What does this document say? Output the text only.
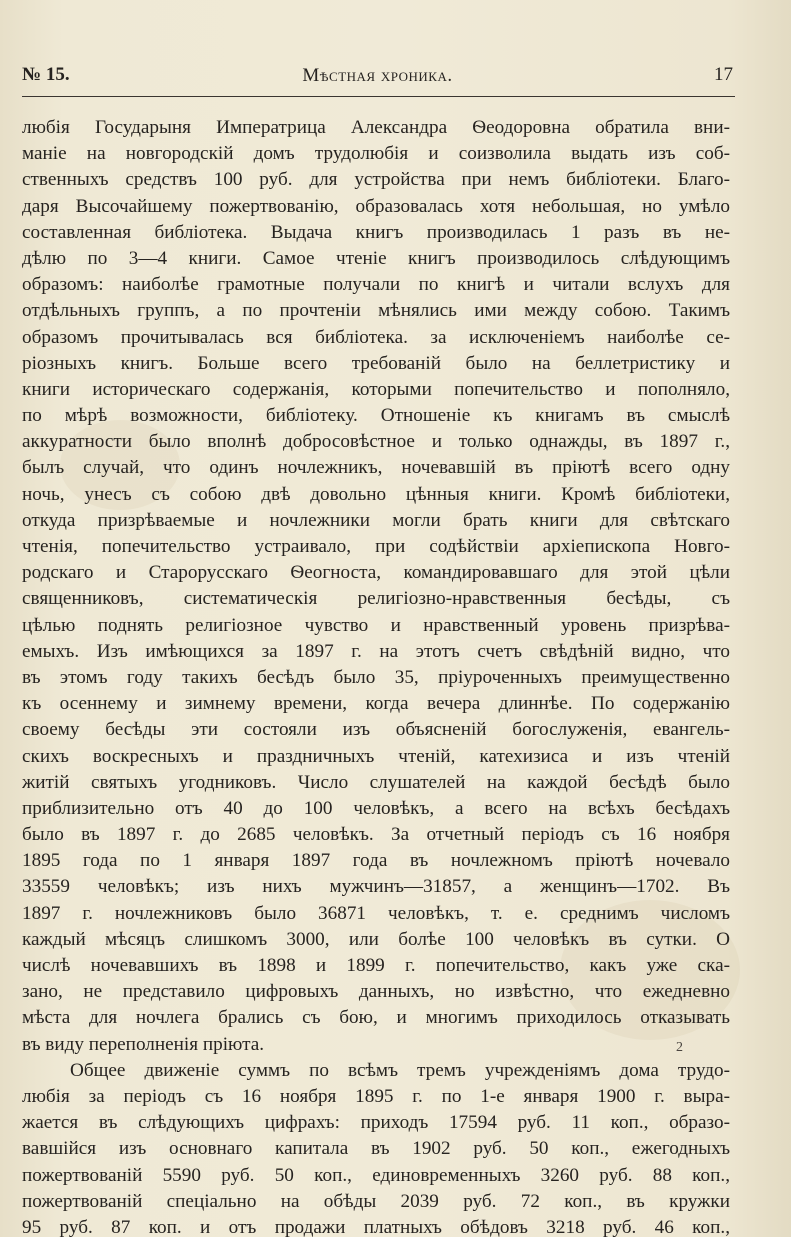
№ 15.	Мѣстная хроника.	17
любія Государыня Императрица Александра Ѳеодоровна обратила вни-
маніе на новгородскій домъ трудолюбія и соизволила выдать изъ соб-
ственныхъ средствъ 100 руб. для устройства при немъ библіотеки. Благо-
даря Высочайшему пожертвованію, образовалась хотя небольшая, но умѣло
составленная библіотека. Выдача книгъ производилась 1 разъ въ не-
дѣлю по 3—4 книги. Самое чтеніе книгъ производилось слѣдующимъ
образомъ: наиболѣе грамотные получали по книгѣ и читали вслухъ для
отдѣльныхъ группъ, а по прочтеніи мѣнялись ими между собою. Такимъ
образомъ прочитывалась вся библіотека. за исключеніемъ наиболѣе се-
ріозныхъ книгъ. Больше всего требованій было на беллетристику и
книги историческаго содержанія, которыми попечительство и пополняло,
по мѣрѣ возможности, библіотеку. Отношеніе къ книгамъ въ смыслѣ
аккуратности было вполнѣ добросовѣстное и только однажды, въ 1897 г.,
былъ случай, что одинъ ночлежникъ, ночевавшій въ пріютѣ всего одну
ночь, унесъ съ собою двѣ довольно цѣнныя книги. Кромѣ библіотеки,
откуда призрѣваемые и ночлежники могли брать книги для свѣтскаго
чтенія, попечительство устраивало, при содѣйствіи архіепископа Новго-
родскаго и Старорусскаго Ѳеогноста, командировавшаго для этой цѣли
священниковъ, систематическія религіозно-нравственныя бесѣды, съ
цѣлью поднять религіозное чувство и нравственный уровень призрѣва-
емыхъ. Изъ имѣющихся за 1897 г. на этотъ счетъ свѣдѣній видно, что
въ этомъ году такихъ бесѣдъ было 35, пріуроченныхъ преимущественно
къ осеннему и зимнему времени, когда вечера длиннѣе. По содержанію
своему бесѣды эти состояли изъ объясненій богослуженія, евангель-
скихъ воскресныхъ и праздничныхъ чтеній, катехизиса и изъ чтеній
житій святыхъ угодниковъ. Число слушателей на каждой бесѣдѣ было
приблизительно отъ 40 до 100 человѣкъ, а всего на всѣхъ бесѣдахъ
было въ 1897 г. до 2685 человѣкъ. За отчетный періодъ съ 16 ноября
1895 года по 1 января 1897 года въ ночлежномъ пріютѣ ночевало
33559 человѣкъ; изъ нихъ мужчинъ—31857, а женщинъ—1702. Въ
1897 г. ночлежниковъ было 36871 человѣкъ, т. е. среднимъ числомъ
каждый мѣсяцъ слишкомъ 3000, или болѣе 100 человѣкъ въ сутки. О
числѣ ночевавшихъ въ 1898 и 1899 г. попечительство, какъ уже ска-
зано, не представило цифровыхъ данныхъ, но извѣстно, что ежедневно
мѣста для ночлега брались съ бою, и многимъ приходилось отказывать
въ виду переполненія пріюта.
Общее движеніе суммъ по всѣмъ тремъ учрежденіямъ дома трудо-
любія за періодъ съ 16 ноября 1895 г. по 1-е января 1900 г. выра-
жается въ слѣдующихъ цифрахъ: приходъ 17594 руб. 11 коп., образо-
вавшійся изъ основнаго капитала въ 1902 руб. 50 коп., ежегодныхъ
пожертвованій 5590 руб. 50 коп., единовременныхъ 3260 руб. 88 коп.,
пожертвованій спеціально на обѣды 2039 руб. 72 коп., въ кружки
95 руб. 87 коп. и отъ продажи платныхъ обѣдовъ 3218 руб. 46 коп.,
2
